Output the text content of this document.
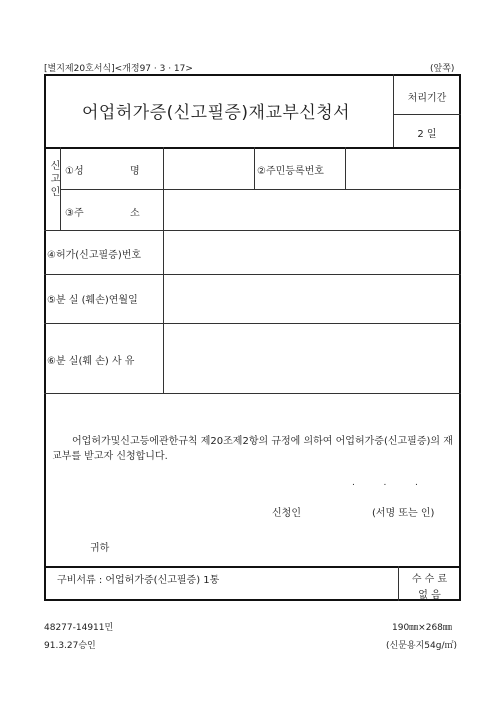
[별지제20호서식]<개정97 · 3 · 17>	(앞쪽)
어업허가증(신고필증)재교부신청서
처리기간
2 일
신고인 ①성	명	②주민등록번호
③주	소
④허가(신고필증)번호
⑤분 실 (훼손)연월일
⑥분 실(훼 손) 사 유
어업허가및신고등에관한규칙 제20조제2항의 규정에 의하여 어업허가증(신고필증)의 재
교부를 받고자 신청합니다.
.          .          .
신청인	(서명 또는 인)
귀하
구비서류 : 어업허가증(신고필증) 1통	수 수 료
없 음
48277-14911민
91.3.27승인
190㎜×268㎜
(신문용지54g/㎡)
